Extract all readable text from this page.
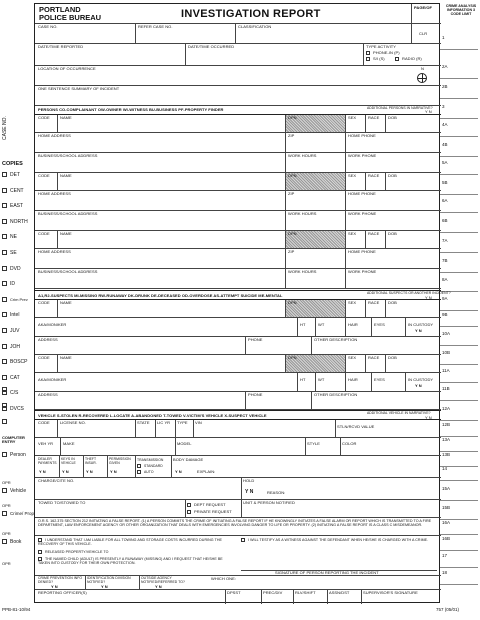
CASE NO.
COPIES
DET
CENT
EAST
NORTH
NE
SE
DVD
ID
Crim Prev
Intel
JUV
JOH
BOSCP
CAT
C/S
DVCS
COMPUTER ENTRY
Person
OPR
Vehicle
OPR
Crime/ Prop
OPR
Book
OPR
CRIME ANALYSIS INFORMATION 3 CODE LIMIT
1
2A
2B
3
4A
4B
5A
5B
6A
6B
7A
7B
8A
9A
9B
10A
10B
11A
11B
12A
12B
13A
13B
14
15A
15B
16A
16B
17
18
PORTLAND
POLICE BUREAU	INVESTIGATION REPORT
PAGE/OF
CASE NO.	REFER CASE NO.	CLASSIFICATION
CLR
DATE/TIME REPORTED	DATE/TIME OCCURRED	TYPE ACTIVITY
PHONE-IN (P)
S/I (S)	RADIO (R)
LOCATION OF OCCURRENCE	N
ONE SENTENCE SUMMARY OF INCIDENT
PERSONS CO-COMPLAINANT OW-OWNER WI-WITNESS BU-BUSINESS PF-PROPERTY FINDER	ADDITIONAL PERSONS IN NARRATIVE?
Y N
CODE	NAME	DPN	SEX	RACE DOB
HOME ADDRESS	ZIP	HOME PHONE
BUSINESS/SCHOOL ADDRESS	WORK HOURS	WORK PHONE
CODE	NAME	DPN	SEX	RACE DOB
HOME ADDRESS	ZIP	HOME PHONE
BUSINESS/SCHOOL ADDRESS	WORK HOURS	WORK PHONE
CODE	NAME	DPN	SEX	RACE DOB
HOME ADDRESS	ZIP	HOME PHONE
BUSINESS/SCHOOL ADDRESS	WORK HOURS	WORK PHONE
A1,R2-SUSPECTS MI-MISSING RW-RUNAWAY DK-DRUNK DE-DECEASED OD-OVERDOSE AS-ATTEMPT SUICIDE ME-MENTAL	ADDITIONAL SUSPECTS OR ANOTHER INCIDENT?
Y N
CODE	NAME	DPN	SEX	RACE DOB
AKA/MONIKER	HT	WT	HAIR	EYES	IN CUSTODY
Y N
ADDRESS	PHONE	OTHER DESCRIPTION
CODE	NAME	DPN	SEX	RACE DOB
AKA/MONIKER	HT	WT	HAIR	EYES	IN CUSTODY
Y N
ADDRESS	PHONE	OTHER DESCRIPTION
VEHICLE S-STOLEN R-RECOVERED L-LOCATE A-ABANDONED T-TOWED V-VICTIM'S VEHICLE X-SUSPECT VEHICLE	ADDITIONAL VEHICLE IN NARRATIVE?
Y N
CODE	LICENSE NO.	STATE LIC YR TYPE VIN
STLN/RCVD VALUE
VEH YR MAKE	MODEL	STYLE	COLOR
DEALER PAYMENTS
Y N
KEYS IN VEHICLE
Y N
THEFT INSUR.
Y N
PERMISSION GIVEN
Y N
TRANSMISSION
STANDARD
AUTO
BODY DAMAGE
Y N	EXPLAIN:
CHARGE/CITE NO.	HOLD
Y N	REASON:
TOWED TO/STOWED TO	DEPT REQUEST
PRIVATE REQUEST
UNIT & PERSON NOTIFIED
O.R.S. 162.375 SECTION 212 INITIATING A FALSE REPORT. (1) A PERSON COMMITS THE CRIME OF INITIATING A FALSE REPORT IF HE KNOWINGLY INITIATES A FALSE ALARM OR REPORT WHICH IS TRANSMITTED TO A FIRE DEPARTMENT, LAW ENFORCEMENT AGENCY OR OTHER ORGANIZATION THAT DEALS WITH EMERGENCIES INVOLVING DANGER TO LIFE OR PROPERTY. (2) INITIATING A FALSE REPORT IS A CLASS C MISDEMEANOR.
I UNDERSTAND THAT I AM LIABLE FOR ALL TOWING AND STORAGE COSTS INCURRED DURING THE RECOVERY OF THIS VEHICLE.
I WILL TESTIFY AS A WITNESS AGAINST THE DEFENDANT WHEN HE/SHE IS CHARGED WITH A CRIME.
RELEASED PROPERTY/VEHICLE TO
THE NAMED CHILD (ADULT) IS PRESENTLY A RUNAWAY (MISSING) AND I REQUEST THAT HE/SHE BE TAKEN INTO CUSTODY FOR THEIR OWN PROTECTION.
SIGNATURE OF PERSON REPORTING THE INCIDENT
CRIME PREVENTION INFO DENIED?
Y N
IDENTIFICATION DIVISION NOTIFIED?
Y N
OUTSIDE AGENCY NOTIFIED/REFERRED TO?
Y N
WHICH ONE:
REPORTING OFFICER(S)	DPSST	PREC/DIV	RLV/SHIFT	ASSN/DST	SUPERVISOR'S SIGNATURE
PPB-81-10/94	757 (05/01)
